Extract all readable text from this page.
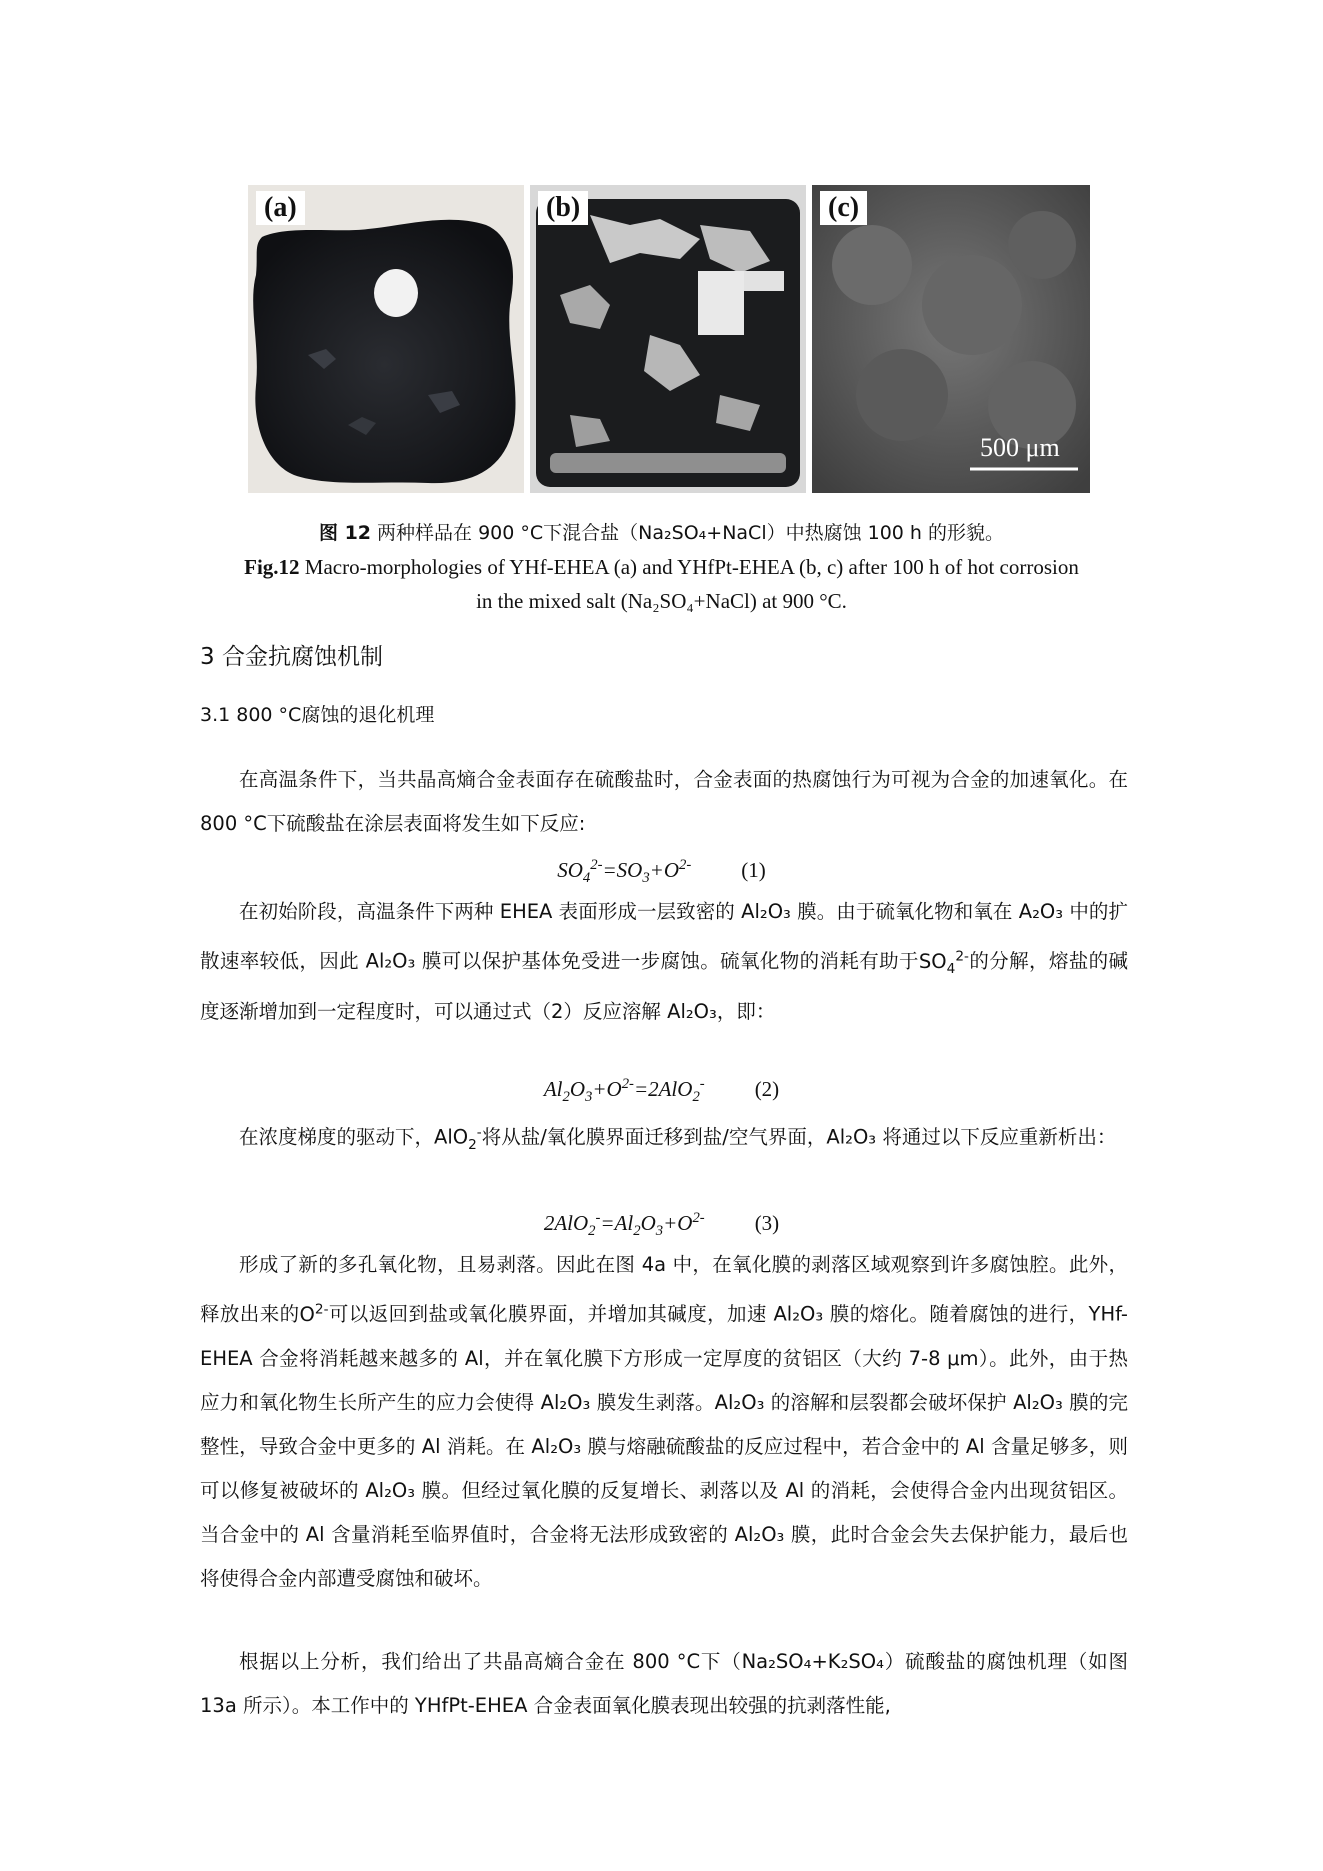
(a)	(b)	(c)
500 μm
图 12 两种样品在 900 °C下混合盐（Na₂SO₄+NaCl）中热腐蚀 100 h 的形貌。
Fig.12 Macro-morphologies of YHf-EHEA (a) and YHfPt-EHEA (b, c) after 100 h of hot corrosion in the mixed salt (Na₂SO₄+NaCl) at 900 °C.
3 合金抗腐蚀机制
3.1 800 °C腐蚀的退化机理

在高温条件下，当共晶高熵合金表面存在硫酸盐时，合金表面的热腐蚀行为可视为合金的加速氧化。在 800 °C下硫酸盐在涂层表面将发生如下反应:

$SO_4^{2-}=SO_3+O^{2-}$ (1)

在初始阶段，高温条件下两种 EHEA 表面形成一层致密的 Al₂O₃ 膜。由于硫氧化物和氧在 A₂O₃ 中的扩散速率较低，因此 Al₂O₃ 膜可以保护基体免受进一步腐蚀。硫氧化物的消耗有助于$SO_4^{2-}$的分解，熔盐的碱度逐渐增加到一定程度时，可以通过式（2）反应溶解 Al₂O₃，即：

$Al_2O_3+O^{2-}=2AlO_2^-$ (2)

在浓度梯度的驱动下，AlO$_2$-将从盐/氧化膜界面迁移到盐/空气界面，Al₂O₃ 将通过以下反应重新析出：

$2AlO_2^-=Al_2O_3+O^{2-}$ (3)

形成了新的多孔氧化物，且易剥落。因此在图 4a 中，在氧化膜的剥落区域观察到许多腐蚀腔。此外，释放出来的$O^{2-}$可以返回到盐或氧化膜界面，并增加其碱度，加速 Al₂O₃ 膜的熔化。随着腐蚀的进行，YHf-EHEA 合金将消耗越来越多的 Al，并在氧化膜下方形成一定厚度的贫铝区（大约 7-8 μm）。此外，由于热应力和氧化物生长所产生的应力会使得 Al₂O₃ 膜发生剥落。Al₂O₃ 的溶解和层裂都会破坏保护 Al₂O₃ 膜的完整性，导致合金中更多的 Al 消耗。在 Al₂O₃ 膜与熔融硫酸盐的反应过程中，若合金中的 Al 含量足够多，则可以修复被破坏的 Al₂O₃ 膜。但经过氧化膜的反复增长、剥落以及 Al 的消耗，会使得合金内出现贫铝区。当合金中的 Al 含量消耗至临界值时，合金将无法形成致密的 Al₂O₃ 膜，此时合金会失去保护能力，最后也将使得合金内部遭受腐蚀和破坏。

根据以上分析，我们给出了共晶高熵合金在 800 °C下（Na₂SO₄+K₂SO₄）硫酸盐的腐蚀机理（如图 13a 所示）。本工作中的 YHfPt-EHEA 合金表面氧化膜表现出较强的抗剥落性能,
